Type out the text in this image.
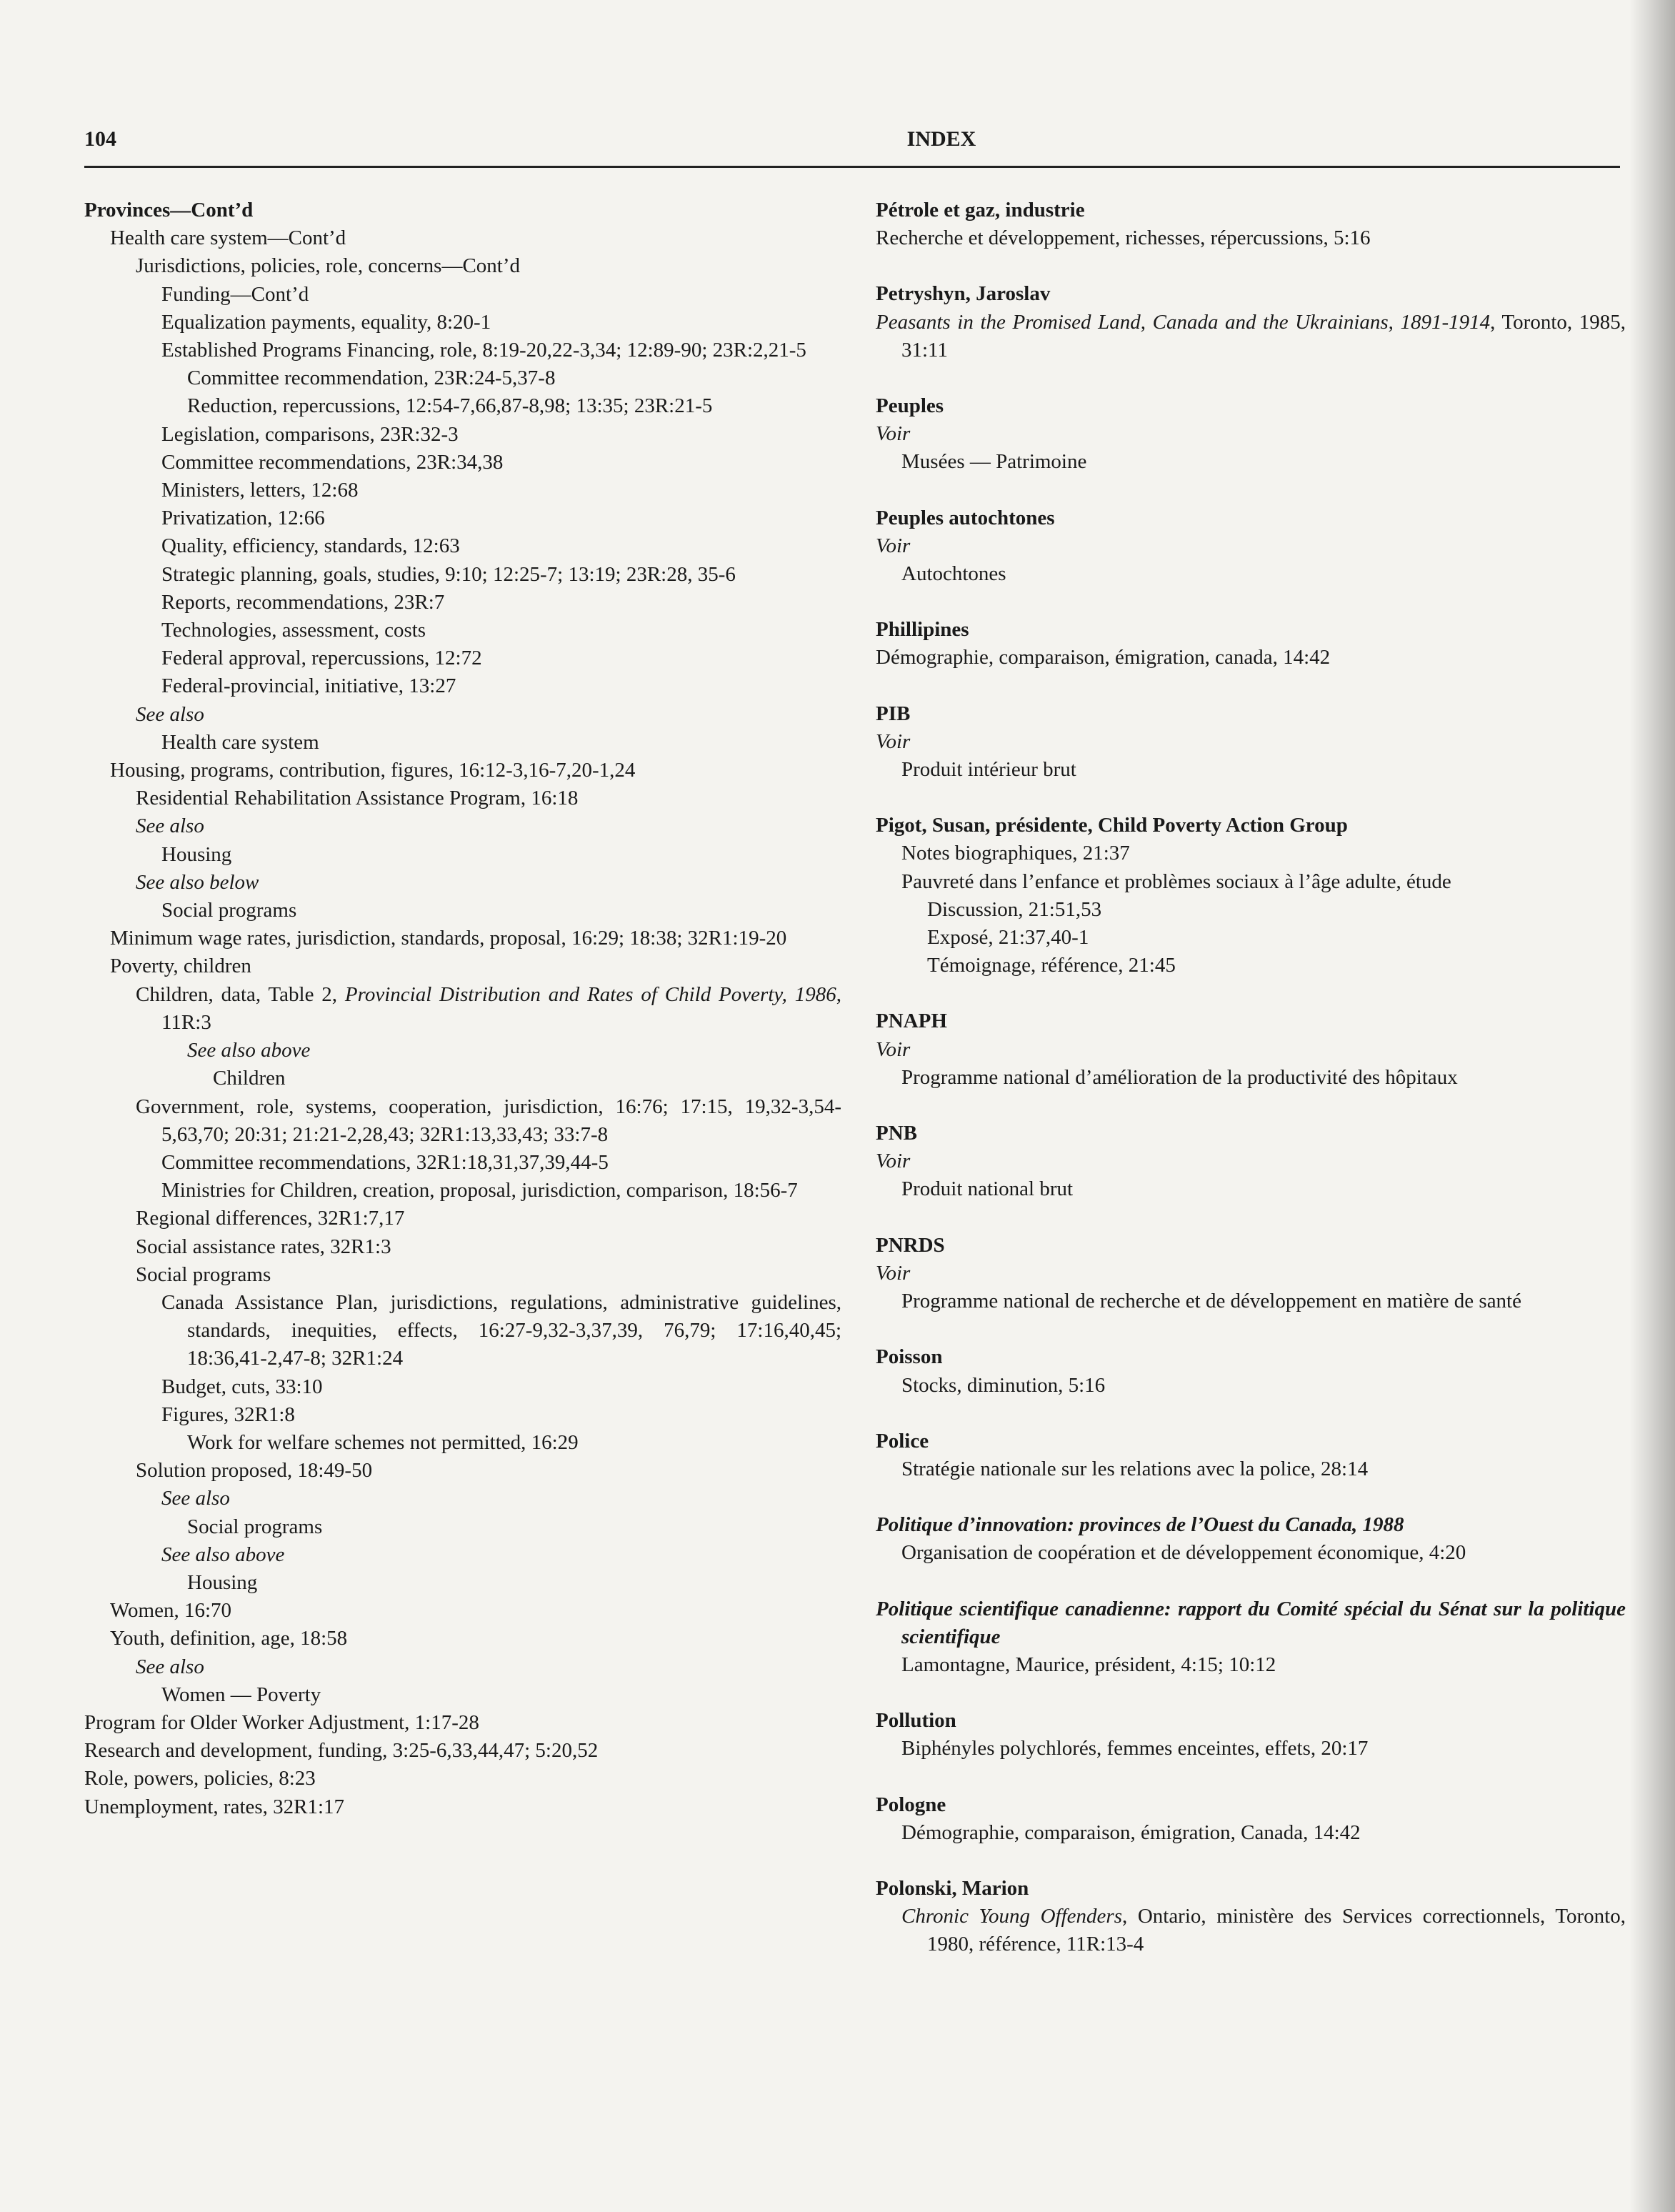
104	INDEX
Provinces—Cont’d
Health care system—Cont’d
Jurisdictions, policies, role, concerns—Cont’d
Funding—Cont’d
Equalization payments, equality, 8:20-1
Established Programs Financing, role, 8:19-20,22-3,34; 12:89-90; 23R:2,21-5
Committee recommendation, 23R:24-5,37-8
Reduction, repercussions, 12:54-7,66,87-8,98; 13:35; 23R:21-5
Legislation, comparisons, 23R:32-3
Committee recommendations, 23R:34,38
Ministers, letters, 12:68
Privatization, 12:66
Quality, efficiency, standards, 12:63
Strategic planning, goals, studies, 9:10; 12:25-7; 13:19; 23R:28, 35-6
Reports, recommendations, 23R:7
Technologies, assessment, costs
Federal approval, repercussions, 12:72
Federal-provincial, initiative, 13:27
See also
Health care system
Housing, programs, contribution, figures, 16:12-3,16-7,20-1,24
Residential Rehabilitation Assistance Program, 16:18
See also
Housing
See also below
Social programs
Minimum wage rates, jurisdiction, standards, proposal, 16:29; 18:38; 32R1:19-20
Poverty, children
Children, data, Table 2, Provincial Distribution and Rates of Child Poverty, 1986, 11R:3
See also above
Children
Government, role, systems, cooperation, jurisdiction, 16:76; 17:15, 19,32-3,54-5,63,70; 20:31; 21:21-2,28,43; 32R1:13,33,43; 33:7-8
Committee recommendations, 32R1:18,31,37,39,44-5
Ministries for Children, creation, proposal, jurisdiction, comparison, 18:56-7
Regional differences, 32R1:7,17
Social assistance rates, 32R1:3
Social programs
Canada Assistance Plan, jurisdictions, regulations, administrative guidelines, standards, inequities, effects, 16:27-9,32-3,37,39, 76,79; 17:16,40,45; 18:36,41-2,47-8; 32R1:24
Budget, cuts, 33:10
Figures, 32R1:8
Work for welfare schemes not permitted, 16:29
Solution proposed, 18:49-50
See also
Social programs
See also above
Housing
Women, 16:70
Youth, definition, age, 18:58
See also
Women — Poverty
Program for Older Worker Adjustment, 1:17-28
Research and development, funding, 3:25-6,33,44,47; 5:20,52
Role, powers, policies, 8:23
Unemployment, rates, 32R1:17
Pétrole et gaz, industrie
Recherche et développement, richesses, répercussions, 5:16
Petryshyn, Jaroslav
Peasants in the Promised Land, Canada and the Ukrainians, 1891-1914, Toronto, 1985, 31:11
Peuples
Voir
Musées — Patrimoine
Peuples autochtones
Voir
Autochtones
Phillipines
Démographie, comparaison, émigration, canada, 14:42
PIB
Voir
Produit intérieur brut
Pigot, Susan, présidente, Child Poverty Action Group
Notes biographiques, 21:37
Pauvreté dans l’enfance et problèmes sociaux à l’âge adulte, étude
Discussion, 21:51,53
Exposé, 21:37,40-1
Témoignage, référence, 21:45
PNAPH
Voir
Programme national d’amélioration de la productivité des hôpitaux
PNB
Voir
Produit national brut
PNRDS
Voir
Programme national de recherche et de développement en matière de santé
Poisson
Stocks, diminution, 5:16
Police
Stratégie nationale sur les relations avec la police, 28:14
Politique d’innovation: provinces de l’Ouest du Canada, 1988
Organisation de coopération et de développement économique, 4:20
Politique scientifique canadienne: rapport du Comité spécial du Sénat sur la politique scientifique
Lamontagne, Maurice, président, 4:15; 10:12
Pollution
Biphényles polychlorés, femmes enceintes, effets, 20:17
Pologne
Démographie, comparaison, émigration, Canada, 14:42
Polonski, Marion
Chronic Young Offenders, Ontario, ministère des Services correctionnels, Toronto, 1980, référence, 11R:13-4
